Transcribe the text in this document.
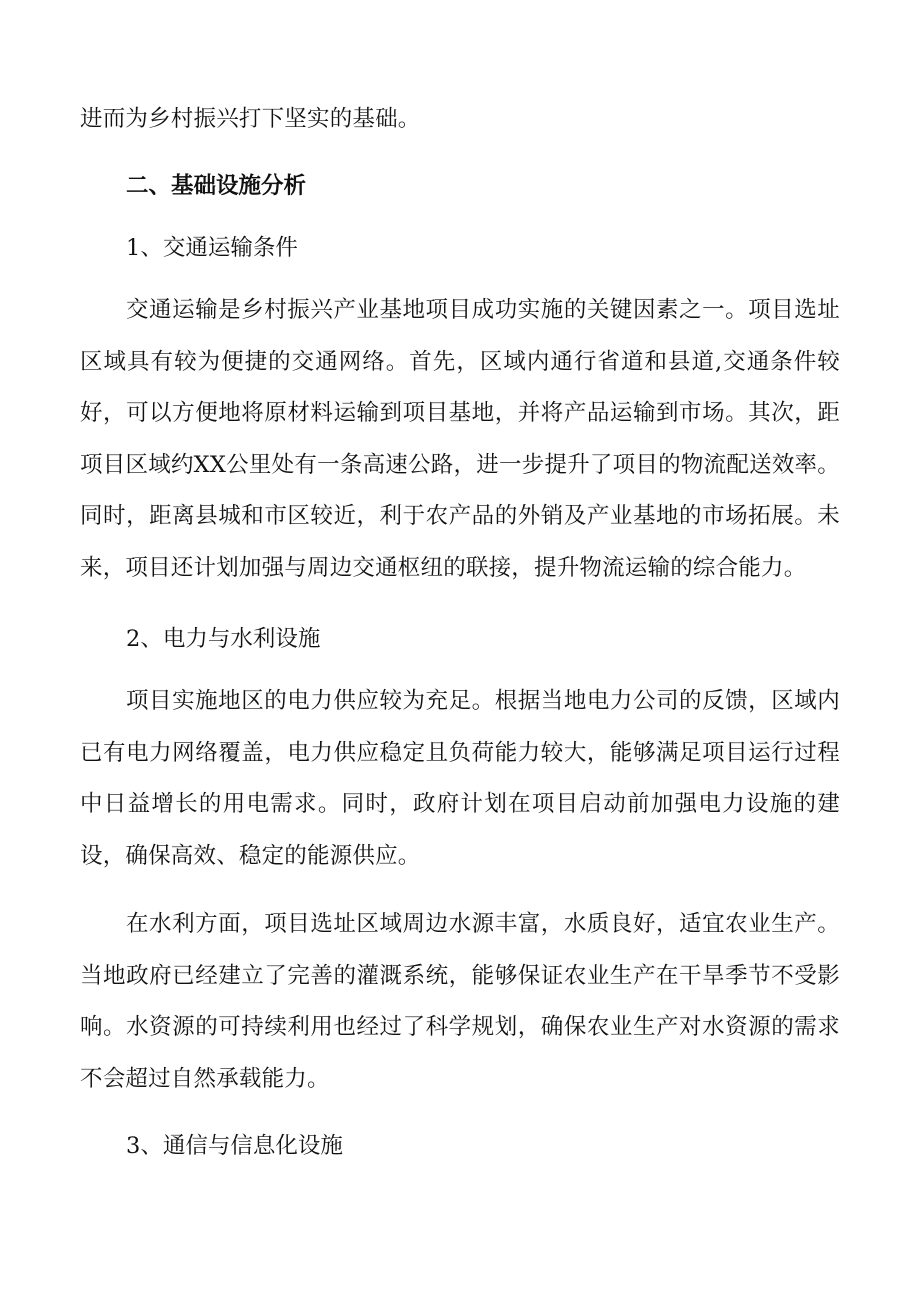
进而为乡村振兴打下坚实的基础。

二、基础设施分析

1、交通运输条件

交通运输是乡村振兴产业基地项目成功实施的关键因素之一。项目选址区域具有较为便捷的交通网络。首先，区域内通行省道和县道,交通条件较好，可以方便地将原材料运输到项目基地，并将产品运输到市场。其次，距项目区域约XX公里处有一条高速公路，进一步提升了项目的物流配送效率。同时，距离县城和市区较近，利于农产品的外销及产业基地的市场拓展。未来，项目还计划加强与周边交通枢纽的联接，提升物流运输的综合能力。

2、电力与水利设施

项目实施地区的电力供应较为充足。根据当地电力公司的反馈，区域内已有电力网络覆盖，电力供应稳定且负荷能力较大，能够满足项目运行过程中日益增长的用电需求。同时，政府计划在项目启动前加强电力设施的建设，确保高效、稳定的能源供应。

在水利方面，项目选址区域周边水源丰富，水质良好，适宜农业生产。当地政府已经建立了完善的灌溉系统，能够保证农业生产在干旱季节不受影响。水资源的可持续利用也经过了科学规划，确保农业生产对水资源的需求不会超过自然承载能力。

3、通信与信息化设施
